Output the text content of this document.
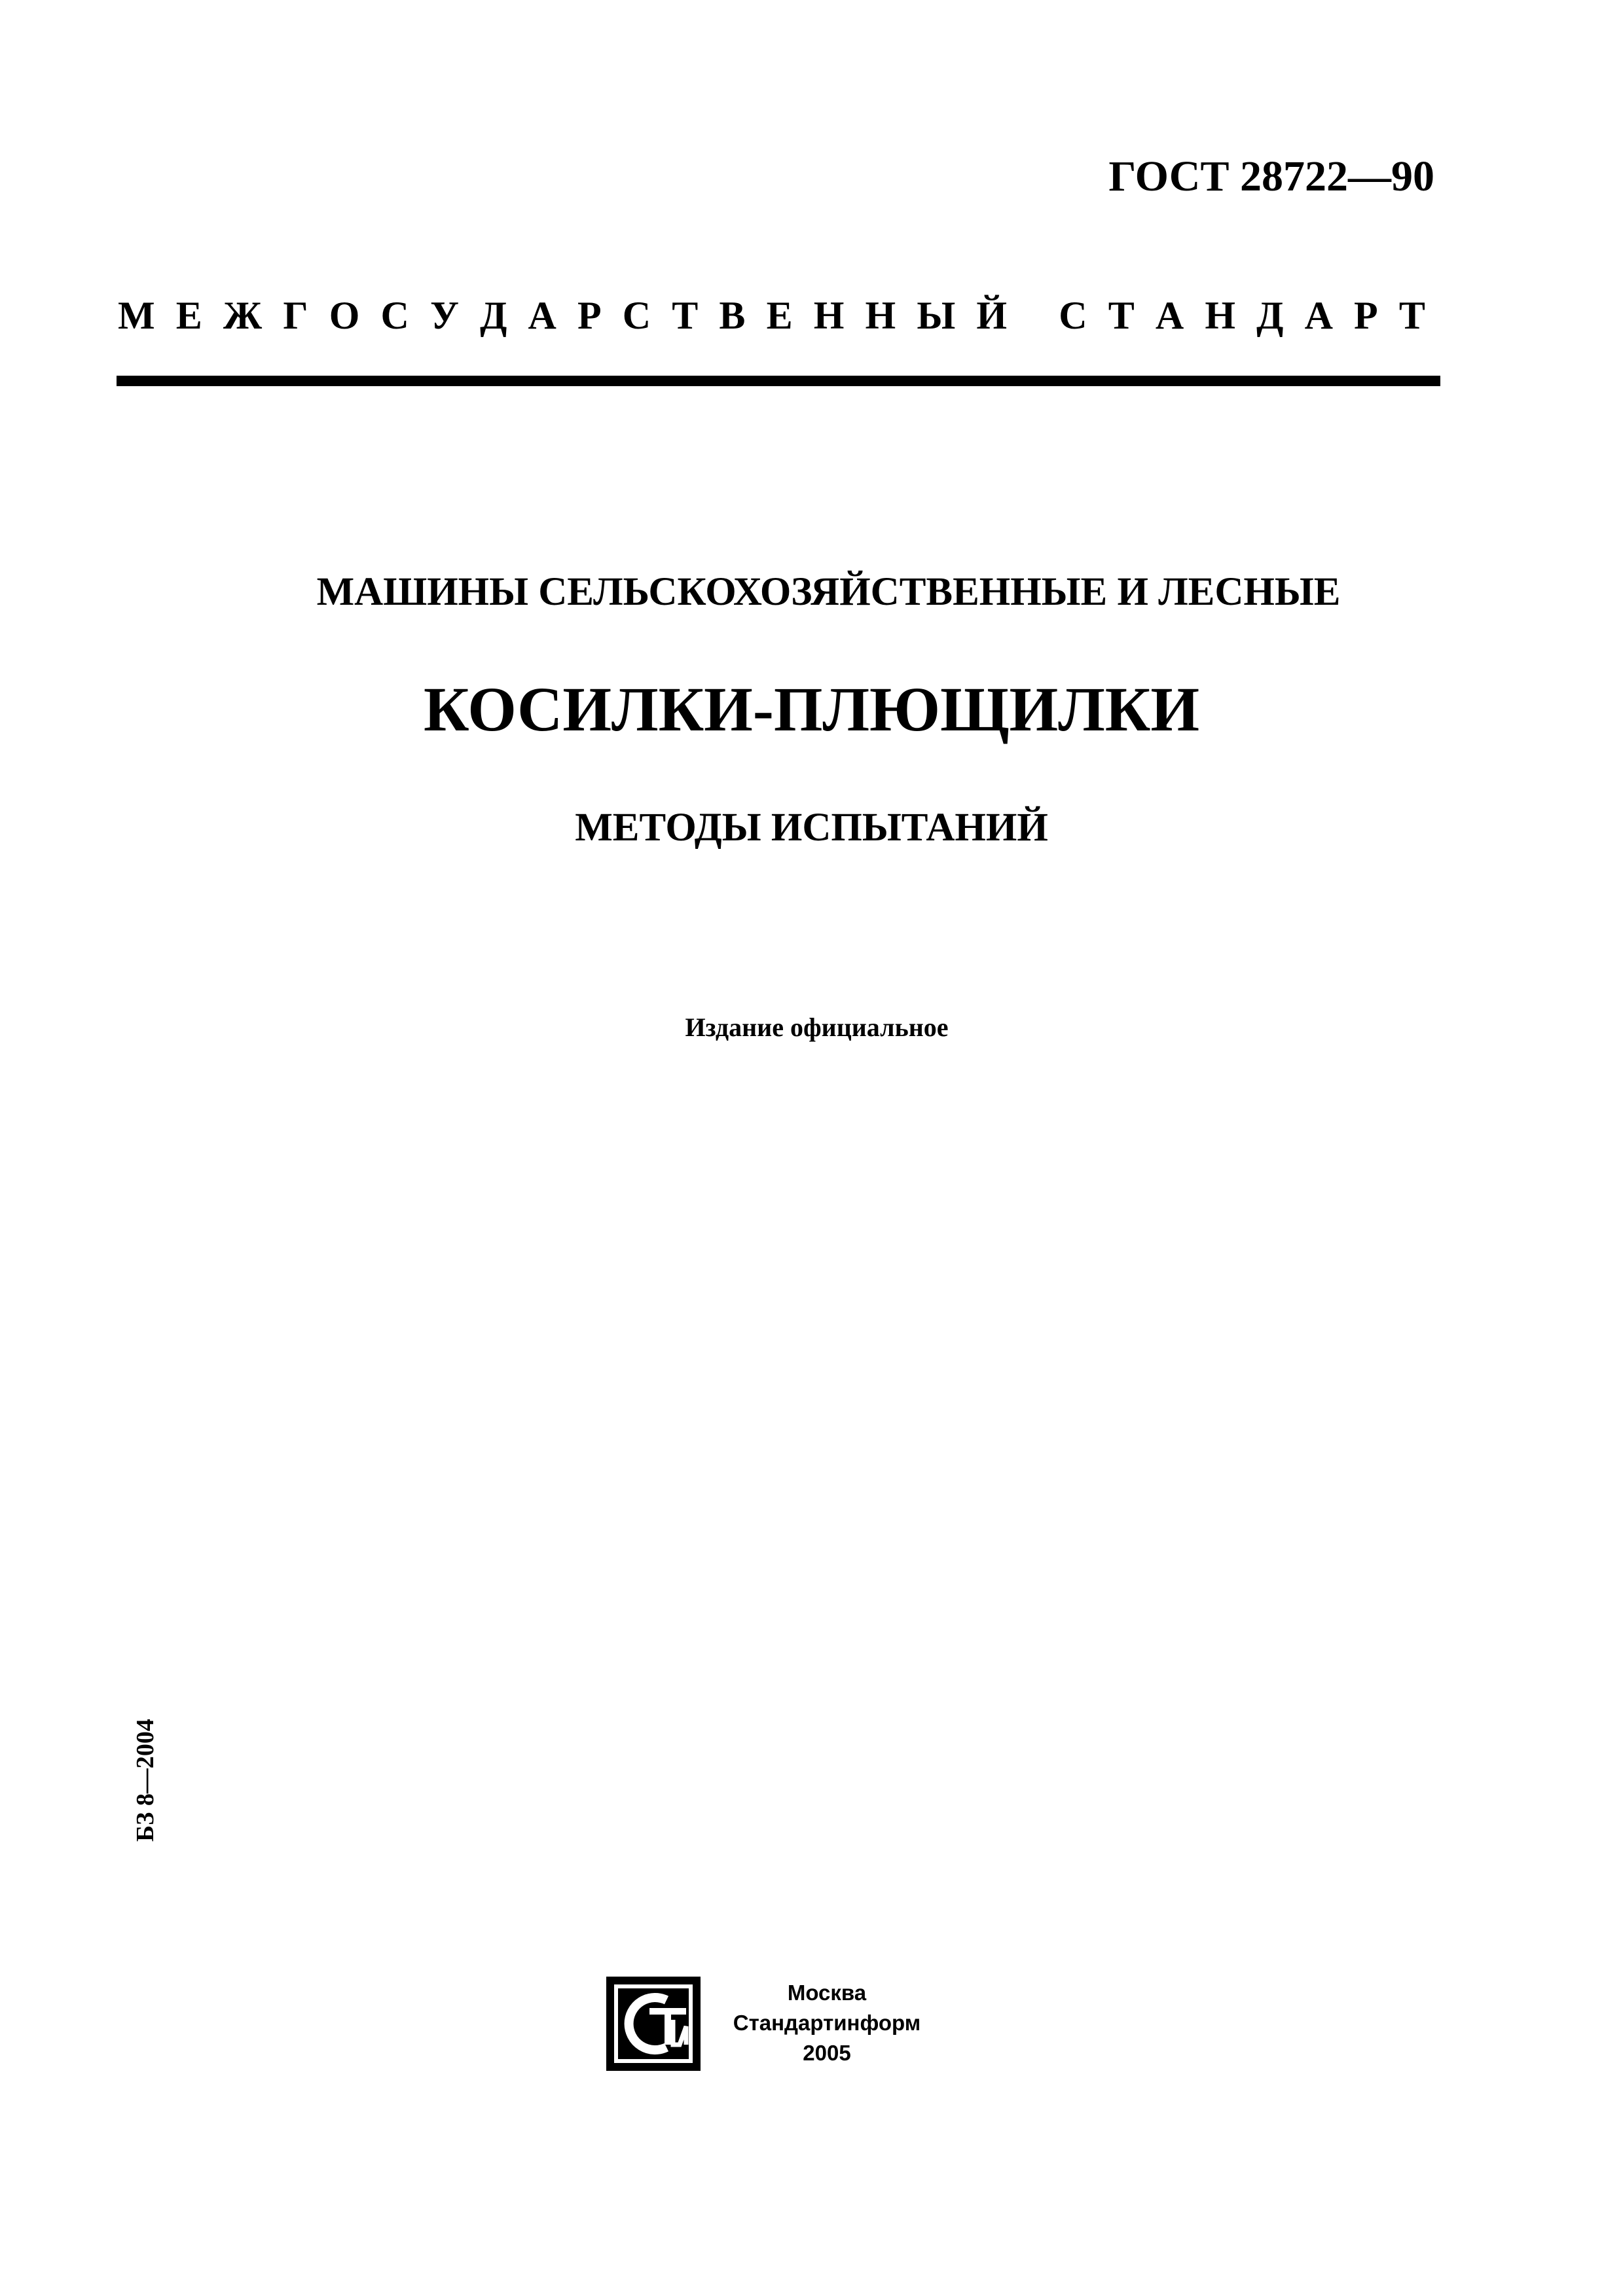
ГОСТ 28722—90
М Е Ж Г О С У Д А Р С Т В Е Н Н Ы Й
С Т А Н Д А Р Т
МАШИНЫ СЕЛЬСКОХОЗЯЙСТВЕННЫЕ И ЛЕСНЫЕ
КОСИЛКИ-ПЛЮЩИЛКИ
МЕТОДЫ ИСПЫТАНИЙ
Издание официальное
БЗ 8—2004
Москва
Стандартинформ
2005
